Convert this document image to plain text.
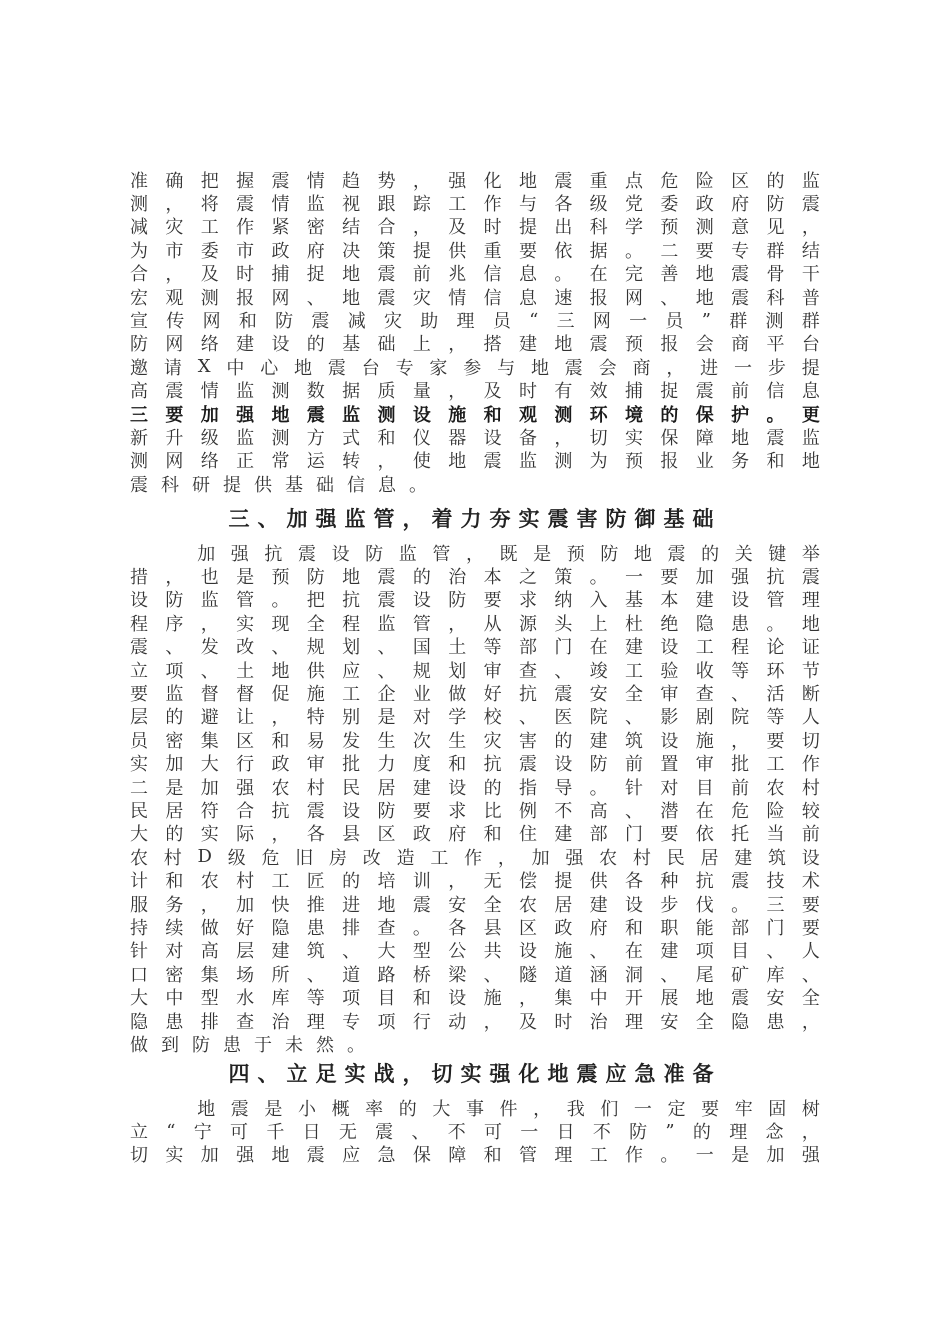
准 确 把 握 震 情 趋 势 ， 强 化 地 震 重 点 危 险 区 的 监
测 ， 将 震 情 监 视 跟 踪 工 作 与 各 级 党 委 政 府 防 震
减 灾 工 作 紧 密 结 合 ， 及 时 提 出 科 学 预 测 意 见 ，
为 市 委 市 政 府 决 策 提 供 重 要 依 据 。 二 要 专 群 结
合 ， 及 时 捕 捉 地 震 前 兆 信 息 。 在 完 善 地 震 骨 干
宏 观 测 报 网 、 地 震 灾 情 信 息 速 报 网 、 地 震 科 普
宣 传 网 和 防 震 减 灾 助 理 员 “ 三 网 一 员 ” 群 测 群
防 网 络 建 设 的 基 础 上 ， 搭 建 地 震 预 报 会 商 平 台
邀 请 X 中 心 地 震 台 专 家 参 与 地 震 会 商 ， 进 一 步 提
高 震 情 监 测 数 据 质 量 ， 及 时 有 效 捕 捉 震 前 信 息
三 要 加 强 地 震 监 测 设 施 和 观 测 环 境 的 保 护 。 更
新 升 级 监 测 方 式 和 仪 器 设 备 ， 切 实 保 障 地 震 监
测 网 络 正 常 运 转 ， 使 地 震 监 测 为 预 报 业 务 和 地
震 科 研 提 供 基 础 信 息 。
三、加强监管，着力夯实震害防御基础

加 强 抗 震 设 防 监 管 ， 既 是 预 防 地 震 的 关 键 举
措 ， 也 是 预 防 地 震 的 治 本 之 策 。 一 要 加 强 抗 震
设 防 监 管 。 把 抗 震 设 防 要 求 纳 入 基 本 建 设 管 理
程 序 ， 实 现 全 程 监 管 ， 从 源 头 上 杜 绝 隐 患 。 地
震 、 发 改 、 规 划 、 国 土 等 部 门 在 建 设 工 程 论 证
立 项 、 土 地 供 应 、 规 划 审 查 、 竣 工 验 收 等 环 节
要 监 督 督 促 施 工 企 业 做 好 抗 震 安 全 审 查 、 活 断
层 的 避 让 ， 特 别 是 对 学 校 、 医 院 、 影 剧 院 等 人
员 密 集 区 和 易 发 生 次 生 灾 害 的 建 筑 设 施 ， 要 切
实 加 大 行 政 审 批 力 度 和 抗 震 设 防 前 置 审 批 工 作
二 是 加 强 农 村 民 居 建 设 的 指 导 。 针 对 目 前 农 村
民 居 符 合 抗 震 设 防 要 求 比 例 不 高 、 潜 在 危 险 较
大 的 实 际 ， 各 县 区 政 府 和 住 建 部 门 要 依 托 当 前
农 村 D 级 危 旧 房 改 造 工 作 ， 加 强 农 村 民 居 建 筑 设
计 和 农 村 工 匠 的 培 训 ， 无 偿 提 供 各 种 抗 震 技 术
服 务 ， 加 快 推 进 地 震 安 全 农 居 建 设 步 伐 。 三 要
持 续 做 好 隐 患 排 查 。 各 县 区 政 府 和 职 能 部 门 要
针 对 高 层 建 筑 、 大 型 公 共 设 施 、 在 建 项 目 、 人
口 密 集 场 所 、 道 路 桥 梁 、 隧 道 涵 洞 、 尾 矿 库 、
大 中 型 水 库 等 项 目 和 设 施 ， 集 中 开 展 地 震 安 全
隐 患 排 查 治 理 专 项 行 动 ， 及 时 治 理 安 全 隐 患 ，
做 到 防 患 于 未 然 。
四、立足实战，切实强化地震应急准备

地 震 是 小 概 率 的 大 事 件 ， 我 们 一 定 要 牢 固 树
立 “ 宁 可 千 日 无 震 、 不 可 一 日 不 防 ” 的 理 念 ，
切 实 加 强 地 震 应 急 保 障 和 管 理 工 作 。 一 是 加 强
